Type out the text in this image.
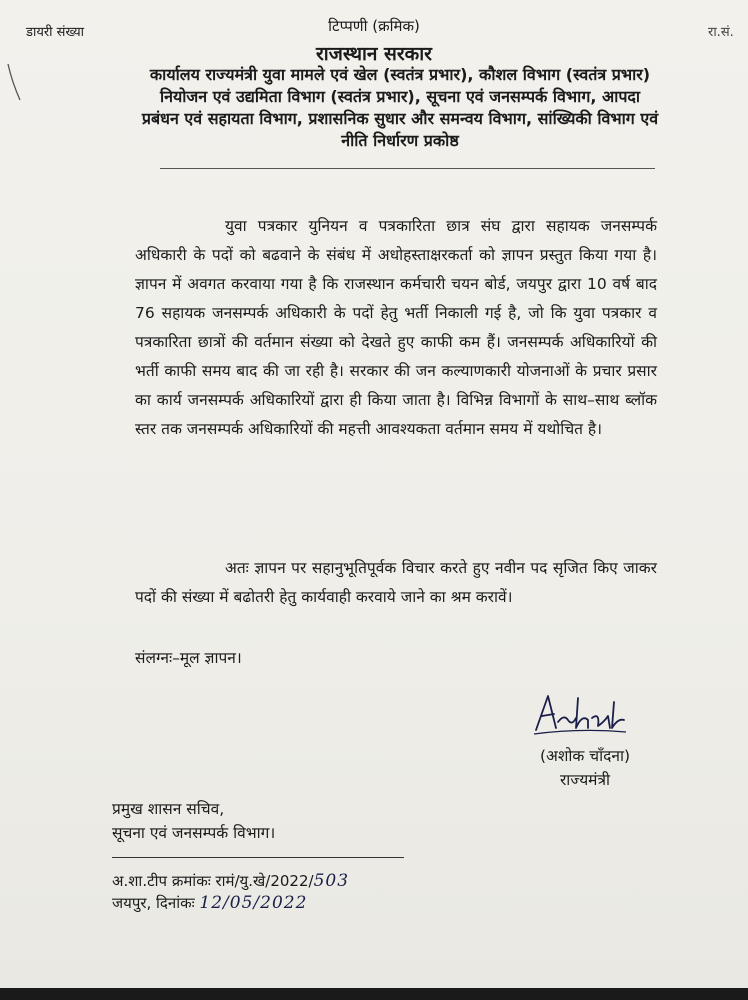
डायरी संख्या	रा.सं.
टिप्पणी (क्रमिक)
राजस्थान सरकार
कार्यालय राज्यमंत्री युवा मामले एवं खेल (स्वतंत्र प्रभार), कौशल विभाग (स्वतंत्र प्रभार) नियोजन एवं उद्यमिता विभाग (स्वतंत्र प्रभार), सूचना एवं जनसम्पर्क विभाग, आपदा प्रबंधन एवं सहायता विभाग, प्रशासनिक सुधार और समन्वय विभाग, सांख्यिकी विभाग एवं नीति निर्धारण प्रकोष्ठ
युवा पत्रकार युनियन व पत्रकारिता छात्र संघ द्वारा सहायक जनसम्पर्क अधिकारी के पदों को बढवाने के संबंध में अधोहस्ताक्षरकर्ता को ज्ञापन प्रस्तुत किया गया है। ज्ञापन में अवगत करवाया गया है कि राजस्थान कर्मचारी चयन बोर्ड, जयपुर द्वारा 10 वर्ष बाद 76 सहायक जनसम्पर्क अधिकारी के पदों हेतु भर्ती निकाली गई है, जो कि युवा पत्रकार व पत्रकारिता छात्रों की वर्तमान संख्या को देखते हुए काफी कम हैं। जनसम्पर्क अधिकारियों की भर्ती काफी समय बाद की जा रही है। सरकार की जन कल्याणकारी योजनाओं के प्रचार प्रसार का कार्य जनसम्पर्क अधिकारियों द्वारा ही किया जाता है। विभिन्न विभागों के साथ–साथ ब्लॉक स्तर तक जनसम्पर्क अधिकारियों की महत्ती आवश्यकता वर्तमान समय में यथोचित है।
अतः ज्ञापन पर सहानुभूतिपूर्वक विचार करते हुए नवीन पद सृजित किए जाकर पदों की संख्या में बढोतरी हेतु कार्यवाही करवाये जाने का श्रम करावें।
संलग्नः–मूल ज्ञापन।
(अशोक चाँदना)
राज्यमंत्री
प्रमुख शासन सचिव,
सूचना एवं जनसम्पर्क विभाग।
अ.शा.टीप क्रमांकः रामं/यु.खे/2022/503
जयपुर, दिनांकः 12/05/2022
